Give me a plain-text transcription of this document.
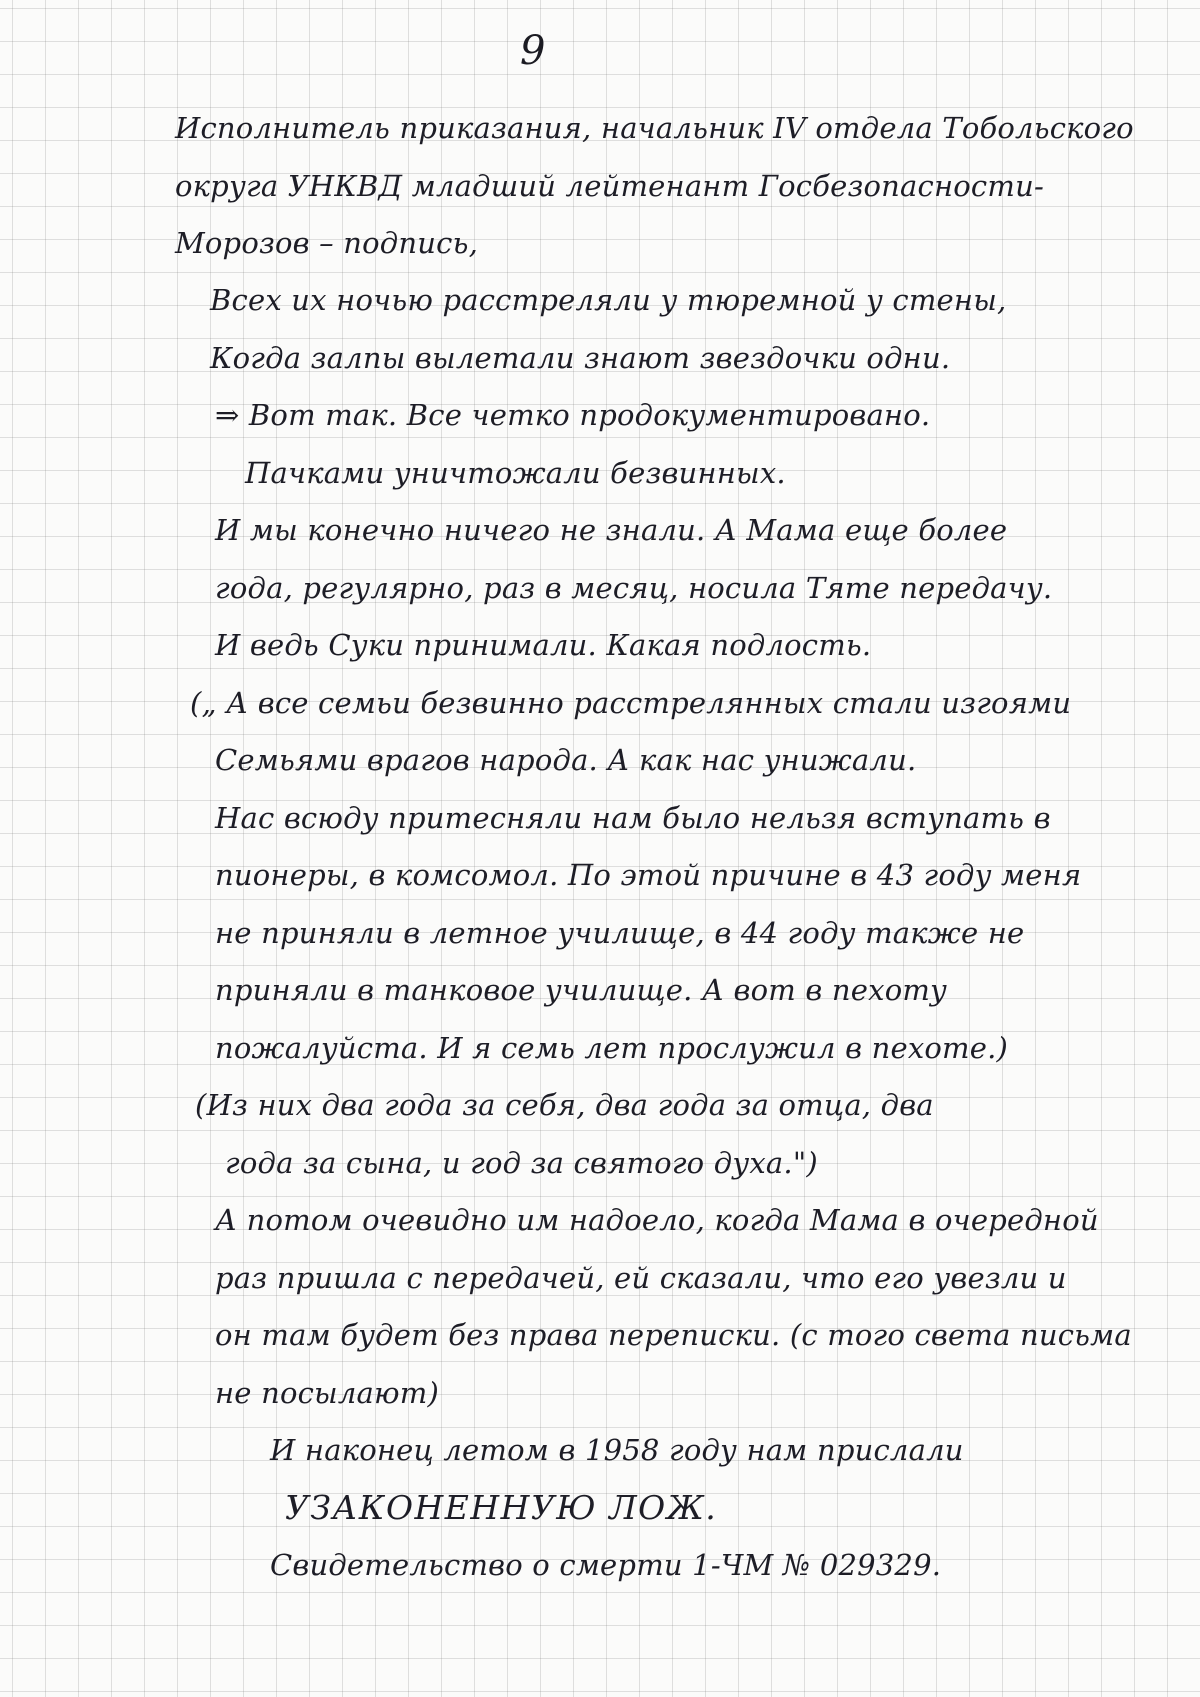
9
Исполнитель приказания, начальник IV отдела Тобольского
округа УНКВД младший лейтенант Госбезопасности-
Морозов – подпись,
Всех их ночью расстреляли у тюремной у стены,
Когда залпы вылетали знают звездочки одни.
⇒ Вот так. Все четко продокументировано.
Пачками уничтожали безвинных.
И мы конечно ничего не знали. А Мама еще более
года, регулярно, раз в месяц, носила Тяте передачу.
И ведь Суки принимали. Какая подлость.
(„ А все семьи безвинно расстрелянных стали изгоями
Семьями врагов народа. А как нас унижали.
Нас всюду притесняли нам было нельзя вступать в
пионеры, в комсомол. По этой причине в 43 году меня
не приняли в летное училище, в 44 году также не
приняли в танковое училище. А вот в пехоту
пожалуйста. И я семь лет прослужил в пехоте.)
(Из них два года за себя, два года за отца, два
года за сына, и год за святого духа.")
А потом очевидно им надоело, когда Мама в очередной
раз пришла с передачей, ей сказали, что его увезли и
он там будет без права переписки. (с того света письма
не посылают)
И наконец летом в 1958 году нам прислали
УЗАКОНЕННУЮ ЛОЖ.
Свидетельство о смерти 1-ЧМ № 029329.
